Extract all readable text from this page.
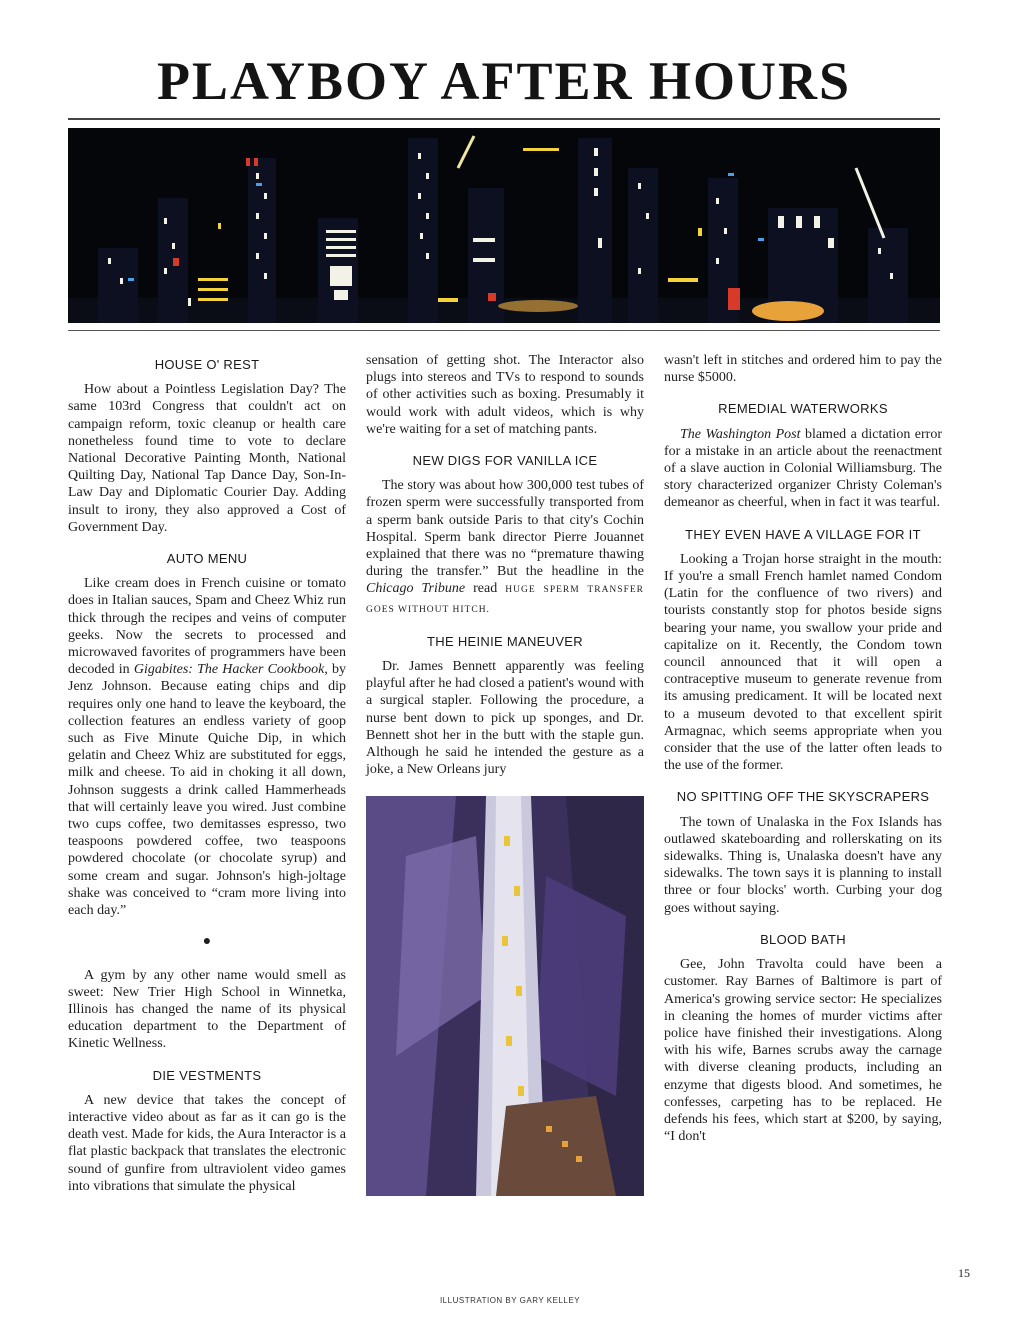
PLAYBOY AFTER HOURS
HOUSE O' REST

How about a Pointless Legislation Day? The same 103rd Congress that couldn't act on campaign reform, toxic cleanup or health care nonetheless found time to vote to declare National Decorative Painting Month, National Quilting Day, National Tap Dance Day, Son-In-Law Day and Diplomatic Courier Day. Adding insult to irony, they also approved a Cost of Government Day.

AUTO MENU

Like cream does in French cuisine or tomato does in Italian sauces, Spam and Cheez Whiz run thick through the recipes and veins of computer geeks. Now the secrets to processed and microwaved favorites of programmers have been decoded in Gigabites: The Hacker Cookbook, by Jenz Johnson. Because eating chips and dip requires only one hand to leave the keyboard, the collection features an endless variety of goop such as Five Minute Quiche Dip, in which gelatin and Cheez Whiz are substituted for eggs, milk and cheese. To aid in choking it all down, Johnson suggests a drink called Hammerheads that will certainly leave you wired. Just combine two cups coffee, two demitasses espresso, two teaspoons powdered coffee, two teaspoons powdered chocolate (or chocolate syrup) and some cream and sugar. Johnson's high-joltage shake was conceived to “cram more living into each day.”

●

A gym by any other name would smell as sweet: New Trier High School in Winnetka, Illinois has changed the name of its physical education department to the Department of Kinetic Wellness.

DIE VESTMENTS

A new device that takes the concept of interactive video about as far as it can go is the death vest. Made for kids, the Aura Interactor is a flat plastic backpack that translates the electronic sound of gunfire from ultraviolent video games into vibrations that simulate the physical

sensation of getting shot. The Interactor also plugs into stereos and TVs to respond to sounds of other activities such as boxing. Presumably it would work with adult videos, which is why we're waiting for a set of matching pants.

NEW DIGS FOR VANILLA ICE

The story was about how 300,000 test tubes of frozen sperm were successfully transported from a sperm bank outside Paris to that city's Cochin Hospital. Sperm bank director Pierre Jouannet explained that there was no “premature thawing during the transfer.” But the headline in the Chicago Tribune read HUGE SPERM TRANSFER GOES WITHOUT HITCH.

THE HEINIE MANEUVER

Dr. James Bennett apparently was feeling playful after he had closed a patient's wound with a surgical stapler. Following the procedure, a nurse bent down to pick up sponges, and Dr. Bennett shot her in the butt with the staple gun. Although he said he intended the gesture as a joke, a New Orleans jury

wasn't left in stitches and ordered him to pay the nurse $5000.

REMEDIAL WATERWORKS

The Washington Post blamed a dictation error for a mistake in an article about the reenactment of a slave auction in Colonial Williamsburg. The story characterized organizer Christy Coleman's demeanor as cheerful, when in fact it was tearful.

THEY EVEN HAVE A VILLAGE FOR IT

Looking a Trojan horse straight in the mouth: If you're a small French hamlet named Condom (Latin for the confluence of two rivers) and tourists constantly stop for photos beside signs bearing your name, you swallow your pride and capitalize on it. Recently, the Condom town council announced that it will open a contraceptive museum to generate revenue from its amusing predicament. It will be located next to a museum devoted to that excellent spirit Armagnac, which seems appropriate when you consider that the use of the latter often leads to the use of the former.

NO SPITTING OFF THE SKYSCRAPERS

The town of Unalaska in the Fox Islands has outlawed skateboarding and rollerskating on its sidewalks. Thing is, Unalaska doesn't have any sidewalks. The town says it is planning to install three or four blocks' worth. Curbing your dog goes without saying.

BLOOD BATH

Gee, John Travolta could have been a customer. Ray Barnes of Baltimore is part of America's growing service sector: He specializes in cleaning the homes of murder victims after police have finished their investigations. Along with his wife, Barnes scrubs away the carnage with diverse cleaning products, including an enzyme that digests blood. And sometimes, he confesses, carpeting has to be replaced. He defends his fees, which start at $200, by saying, “I don't

15
ILLUSTRATION BY GARY KELLEY
